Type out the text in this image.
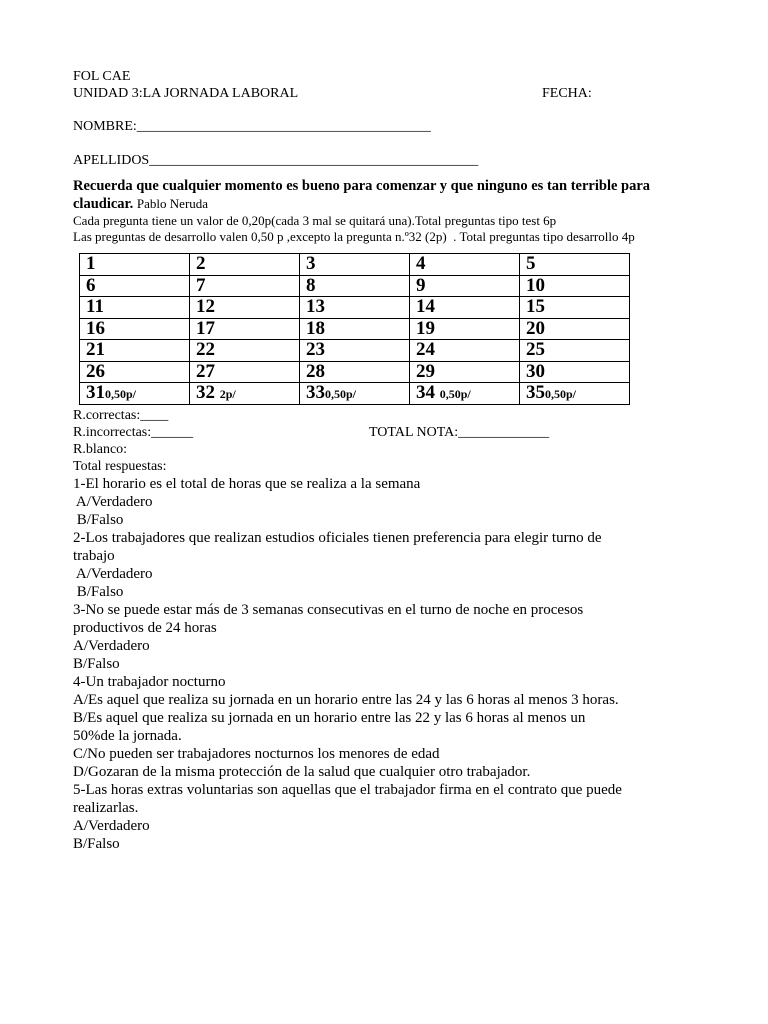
FOL CAE
UNIDAD 3:LA JORNADA LABORAL	FECHA:
NOMBRE:__________________________________________
APELLIDOS_______________________________________________
Recuerda que cualquier momento es bueno para comenzar y que ninguno es tan terrible para claudicar. Pablo Neruda
Cada pregunta tiene un valor de 0,20p(cada 3 mal se quitará una).Total preguntas tipo test 6p
Las preguntas de desarrollo valen 0,50 p ,excepto la pregunta n.º32 (2p)  . Total preguntas tipo desarrollo 4p
1	2	3	4	5
6	7	8	9	10
11	12	13	14	15
16	17	18	19	20
21	22	23	24	25
26	27	28	29	30
310,50p/	32 2p/	330,50p/	34 0,50p/	350,50p/
R.correctas:____
R.incorrectas:______	TOTAL NOTA:_____________
R.blanco:
Total respuestas:
1-El horario es el total de horas que se realiza a la semana
A/Verdadero
B/Falso
2-Los trabajadores que realizan estudios oficiales tienen preferencia para elegir turno de
trabajo
A/Verdadero
B/Falso
3-No se puede estar más de 3 semanas consecutivas en el turno de noche en procesos
productivos de 24 horas
A/Verdadero
B/Falso
4-Un trabajador nocturno
A/Es aquel que realiza su jornada en un horario entre las 24 y las 6 horas al menos 3 horas.
B/Es aquel que realiza su jornada en un horario entre las 22 y las 6 horas al menos un
50%de la jornada.
C/No pueden ser trabajadores nocturnos los menores de edad
D/Gozaran de la misma protección de la salud que cualquier otro trabajador.
5-Las horas extras voluntarias son aquellas que el trabajador firma en el contrato que puede
realizarlas.
A/Verdadero
B/Falso
